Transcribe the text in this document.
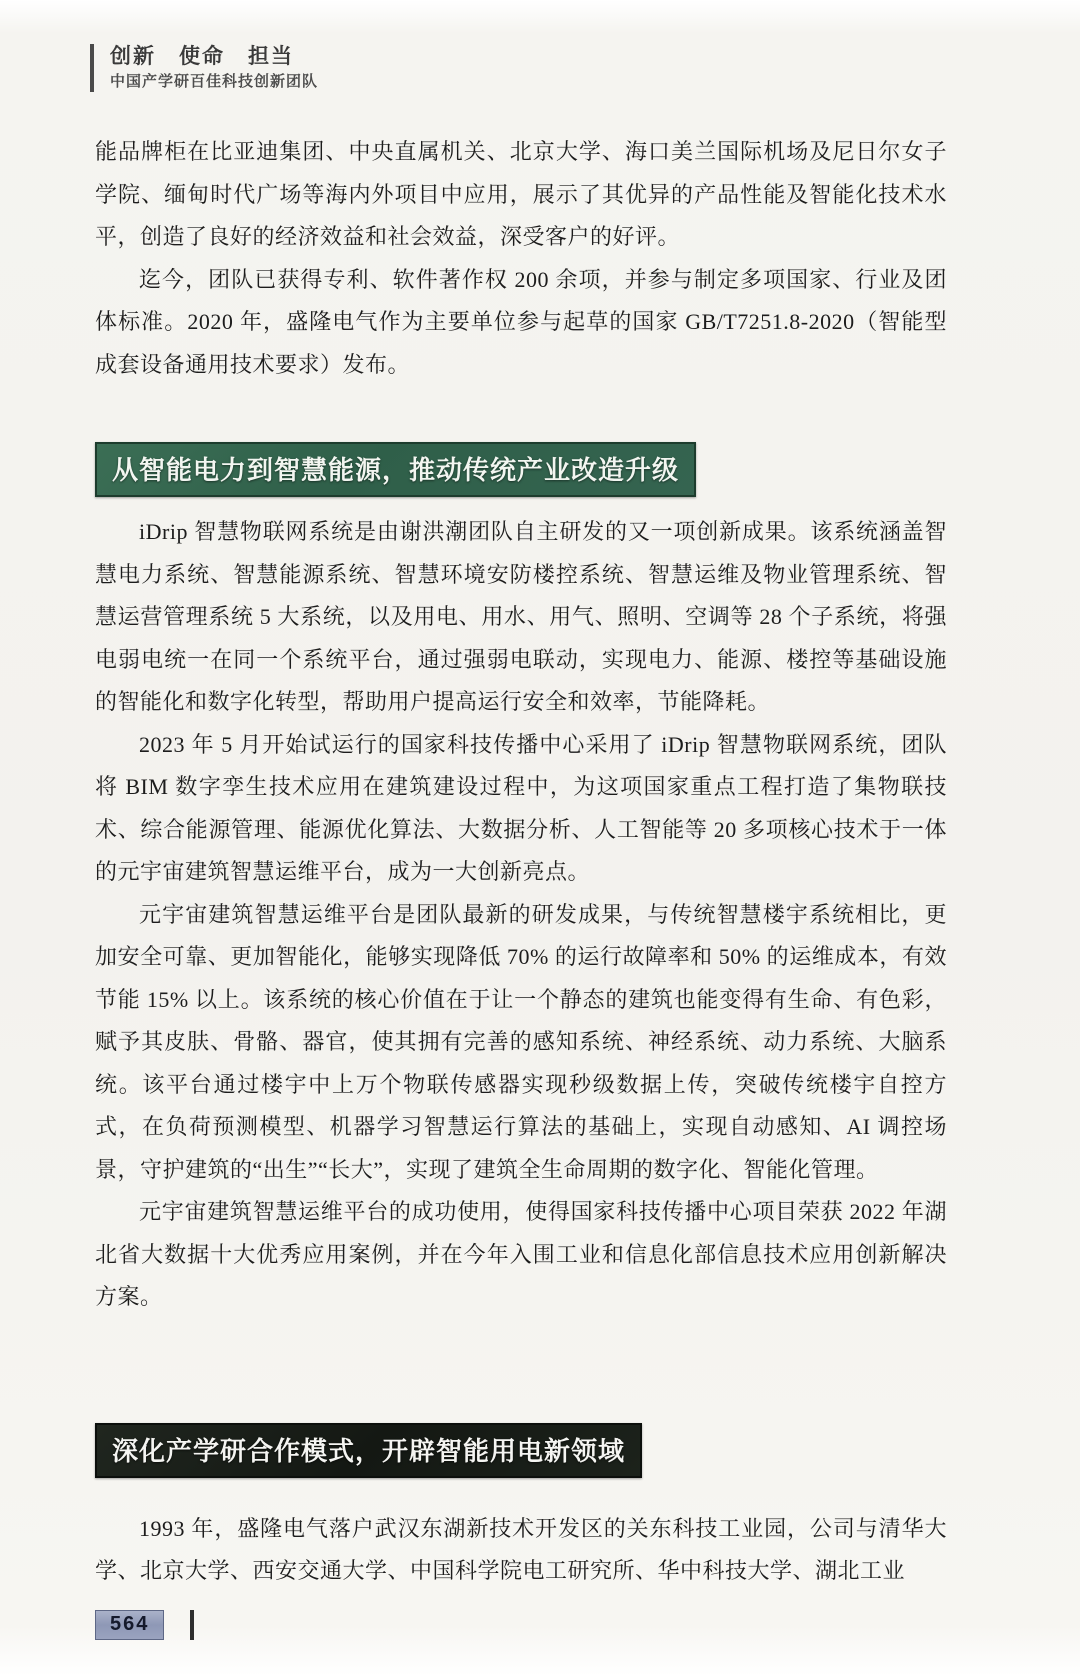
创新　使命　担当
中国产学研百佳科技创新团队

能品牌柜在比亚迪集团、中央直属机关、北京大学、海口美兰国际机场及尼日尔女子学院、缅甸时代广场等海内外项目中应用，展示了其优异的产品性能及智能化技术水平，创造了良好的经济效益和社会效益，深受客户的好评。

迄今，团队已获得专利、软件著作权 200 余项，并参与制定多项国家、行业及团体标准。2020 年，盛隆电气作为主要单位参与起草的国家 GB/T7251.8-2020（智能型成套设备通用技术要求）发布。

从智能电力到智慧能源，推动传统产业改造升级

iDrip 智慧物联网系统是由谢洪潮团队自主研发的又一项创新成果。该系统涵盖智慧电力系统、智慧能源系统、智慧环境安防楼控系统、智慧运维及物业管理系统、智慧运营管理系统 5 大系统，以及用电、用水、用气、照明、空调等 28 个子系统，将强电弱电统一在同一个系统平台，通过强弱电联动，实现电力、能源、楼控等基础设施的智能化和数字化转型，帮助用户提高运行安全和效率，节能降耗。

2023 年 5 月开始试运行的国家科技传播中心采用了 iDrip 智慧物联网系统，团队将 BIM 数字孪生技术应用在建筑建设过程中，为这项国家重点工程打造了集物联技术、综合能源管理、能源优化算法、大数据分析、人工智能等 20 多项核心技术于一体的元宇宙建筑智慧运维平台，成为一大创新亮点。

元宇宙建筑智慧运维平台是团队最新的研发成果，与传统智慧楼宇系统相比，更加安全可靠、更加智能化，能够实现降低 70% 的运行故障率和 50% 的运维成本，有效节能 15% 以上。该系统的核心价值在于让一个静态的建筑也能变得有生命、有色彩，赋予其皮肤、骨骼、器官，使其拥有完善的感知系统、神经系统、动力系统、大脑系统。该平台通过楼宇中上万个物联传感器实现秒级数据上传，突破传统楼宇自控方式，在负荷预测模型、机器学习智慧运行算法的基础上，实现自动感知、AI 调控场景，守护建筑的“出生”“长大”，实现了建筑全生命周期的数字化、智能化管理。

元宇宙建筑智慧运维平台的成功使用，使得国家科技传播中心项目荣获 2022 年湖北省大数据十大优秀应用案例，并在今年入围工业和信息化部信息技术应用创新解决方案。

深化产学研合作模式，开辟智能用电新领域

1993 年，盛隆电气落户武汉东湖新技术开发区的关东科技工业园，公司与清华大学、北京大学、西安交通大学、中国科学院电工研究所、华中科技大学、湖北工业

564
